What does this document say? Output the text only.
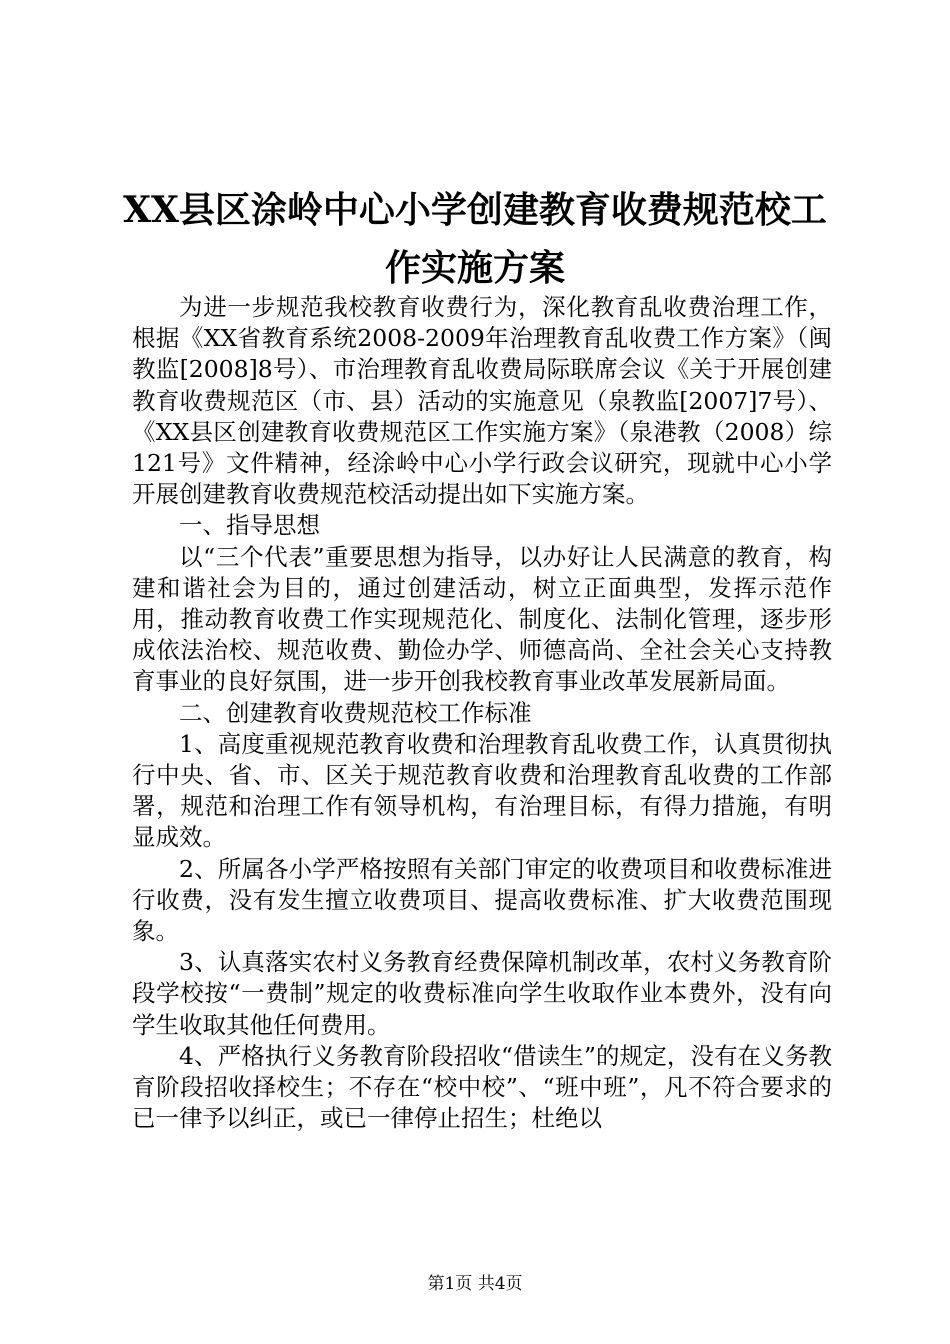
XX县区涂岭中心小学创建教育收费规范校工
作实施方案

为进一步规范我校教育收费行为，深化教育乱收费治理工作，根据《XX省教育系统2008-2009年治理教育乱收费工作方案》（闽教监[2008]8号）、市治理教育乱收费局际联席会议《关于开展创建教育收费规范区（市、县）活动的实施意见（泉教监[2007]7号）、《XX县区创建教育收费规范区工作实施方案》（泉港教（2008）综121号》文件精神，经涂岭中心小学行政会议研究，现就中心小学开展创建教育收费规范校活动提出如下实施方案。

一、指导思想

以“三个代表”重要思想为指导，以办好让人民满意的教育，构建和谐社会为目的，通过创建活动，树立正面典型，发挥示范作用，推动教育收费工作实现规范化、制度化、法制化管理，逐步形成依法治校、规范收费、勤俭办学、师德高尚、全社会关心支持教育事业的良好氛围，进一步开创我校教育事业改革发展新局面。

二、创建教育收费规范校工作标准

1、高度重视规范教育收费和治理教育乱收费工作，认真贯彻执行中央、省、市、区关于规范教育收费和治理教育乱收费的工作部署，规范和治理工作有领导机构，有治理目标，有得力措施，有明显成效。

2、所属各小学严格按照有关部门审定的收费项目和收费标准进行收费，没有发生擅立收费项目、提高收费标准、扩大收费范围现象。

3、认真落实农村义务教育经费保障机制改革，农村义务教育阶段学校按“一费制”规定的收费标准向学生收取作业本费外，没有向学生收取其他任何费用。

4、严格执行义务教育阶段招收“借读生”的规定，没有在义务教育阶段招收择校生；不存在“校中校”、“班中班”，凡不符合要求的已一律予以纠正，或已一律停止招生；杜绝以

第1页 共4页
